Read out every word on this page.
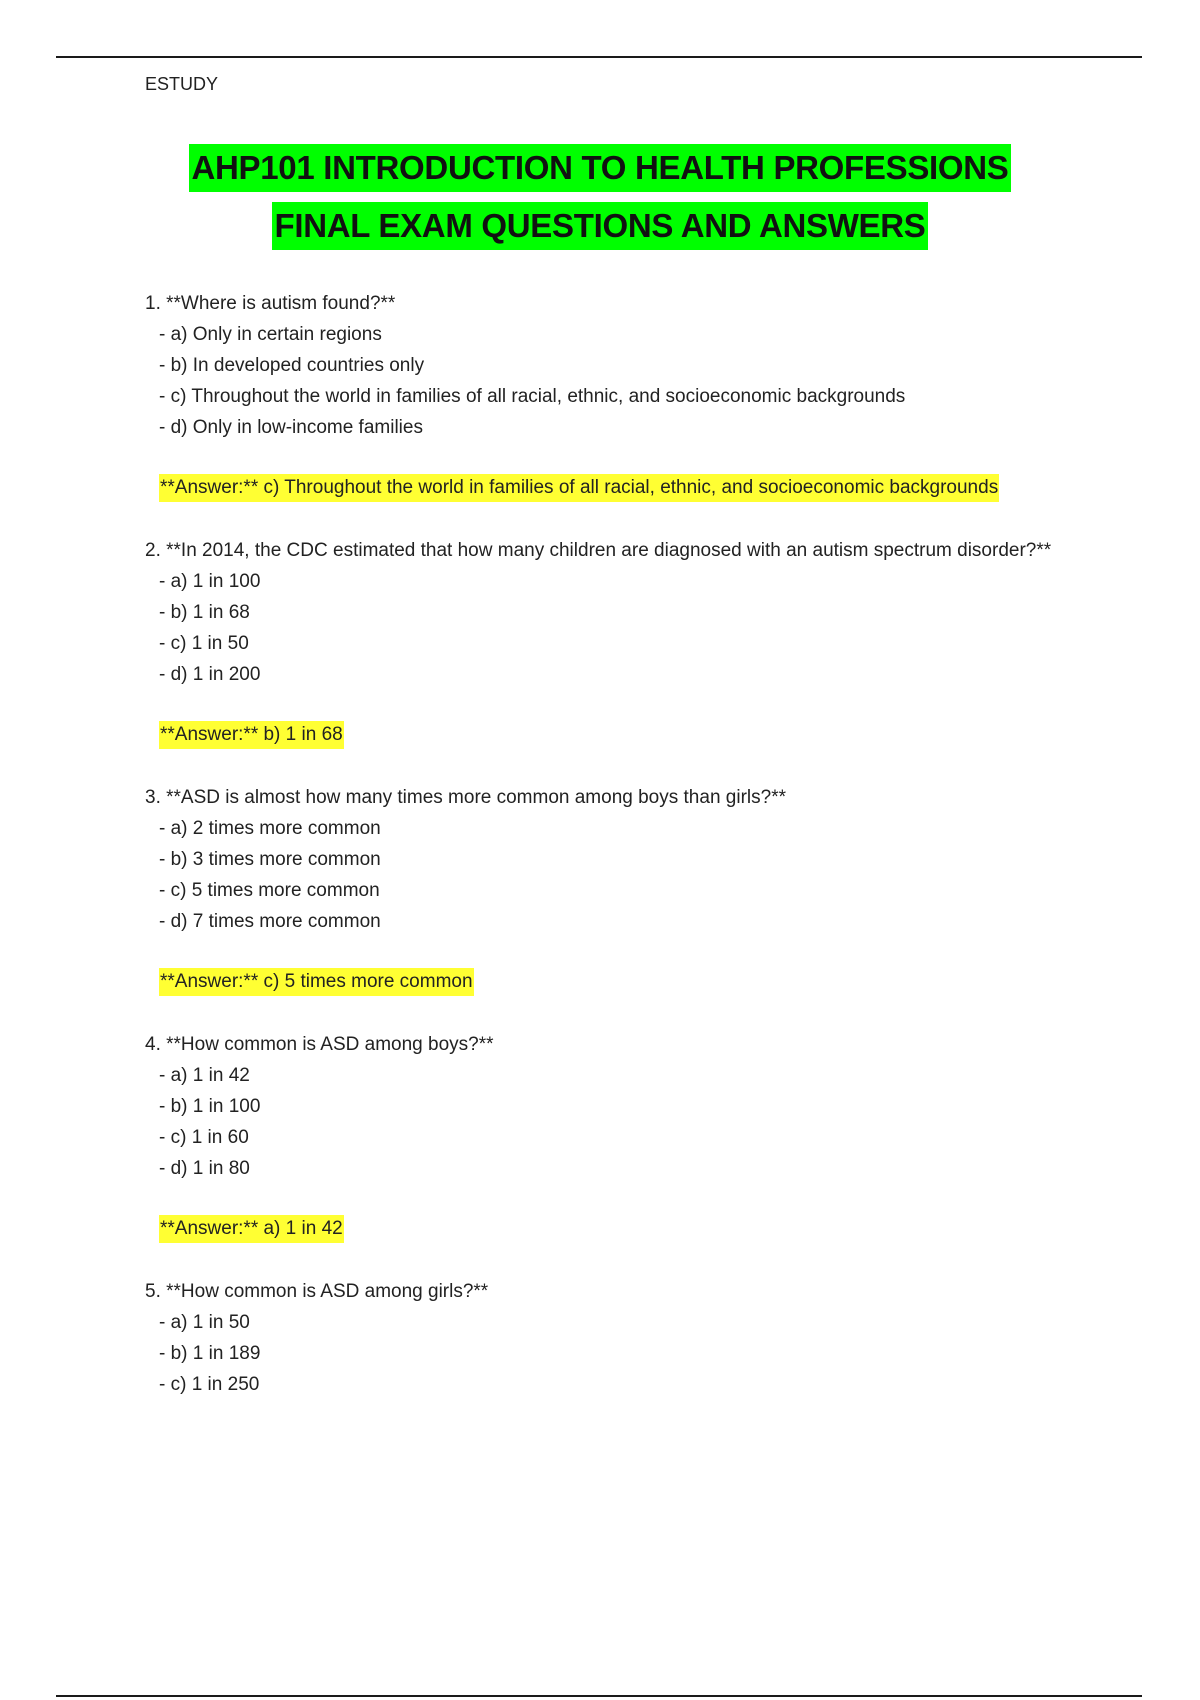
ESTUDY
AHP101 INTRODUCTION TO HEALTH PROFESSIONS
FINAL EXAM QUESTIONS AND ANSWERS
1. **Where is autism found?**
- a) Only in certain regions
- b) In developed countries only
- c) Throughout the world in families of all racial, ethnic, and socioeconomic backgrounds
- d) Only in low-income families
**Answer:** c) Throughout the world in families of all racial, ethnic, and socioeconomic backgrounds
2. **In 2014, the CDC estimated that how many children are diagnosed with an autism spectrum disorder?**
- a) 1 in 100
- b) 1 in 68
- c) 1 in 50
- d) 1 in 200
**Answer:** b) 1 in 68
3. **ASD is almost how many times more common among boys than girls?**
- a) 2 times more common
- b) 3 times more common
- c) 5 times more common
- d) 7 times more common
**Answer:** c) 5 times more common
4. **How common is ASD among boys?**
- a) 1 in 42
- b) 1 in 100
- c) 1 in 60
- d) 1 in 80
**Answer:** a) 1 in 42
5. **How common is ASD among girls?**
- a) 1 in 50
- b) 1 in 189
- c) 1 in 250
